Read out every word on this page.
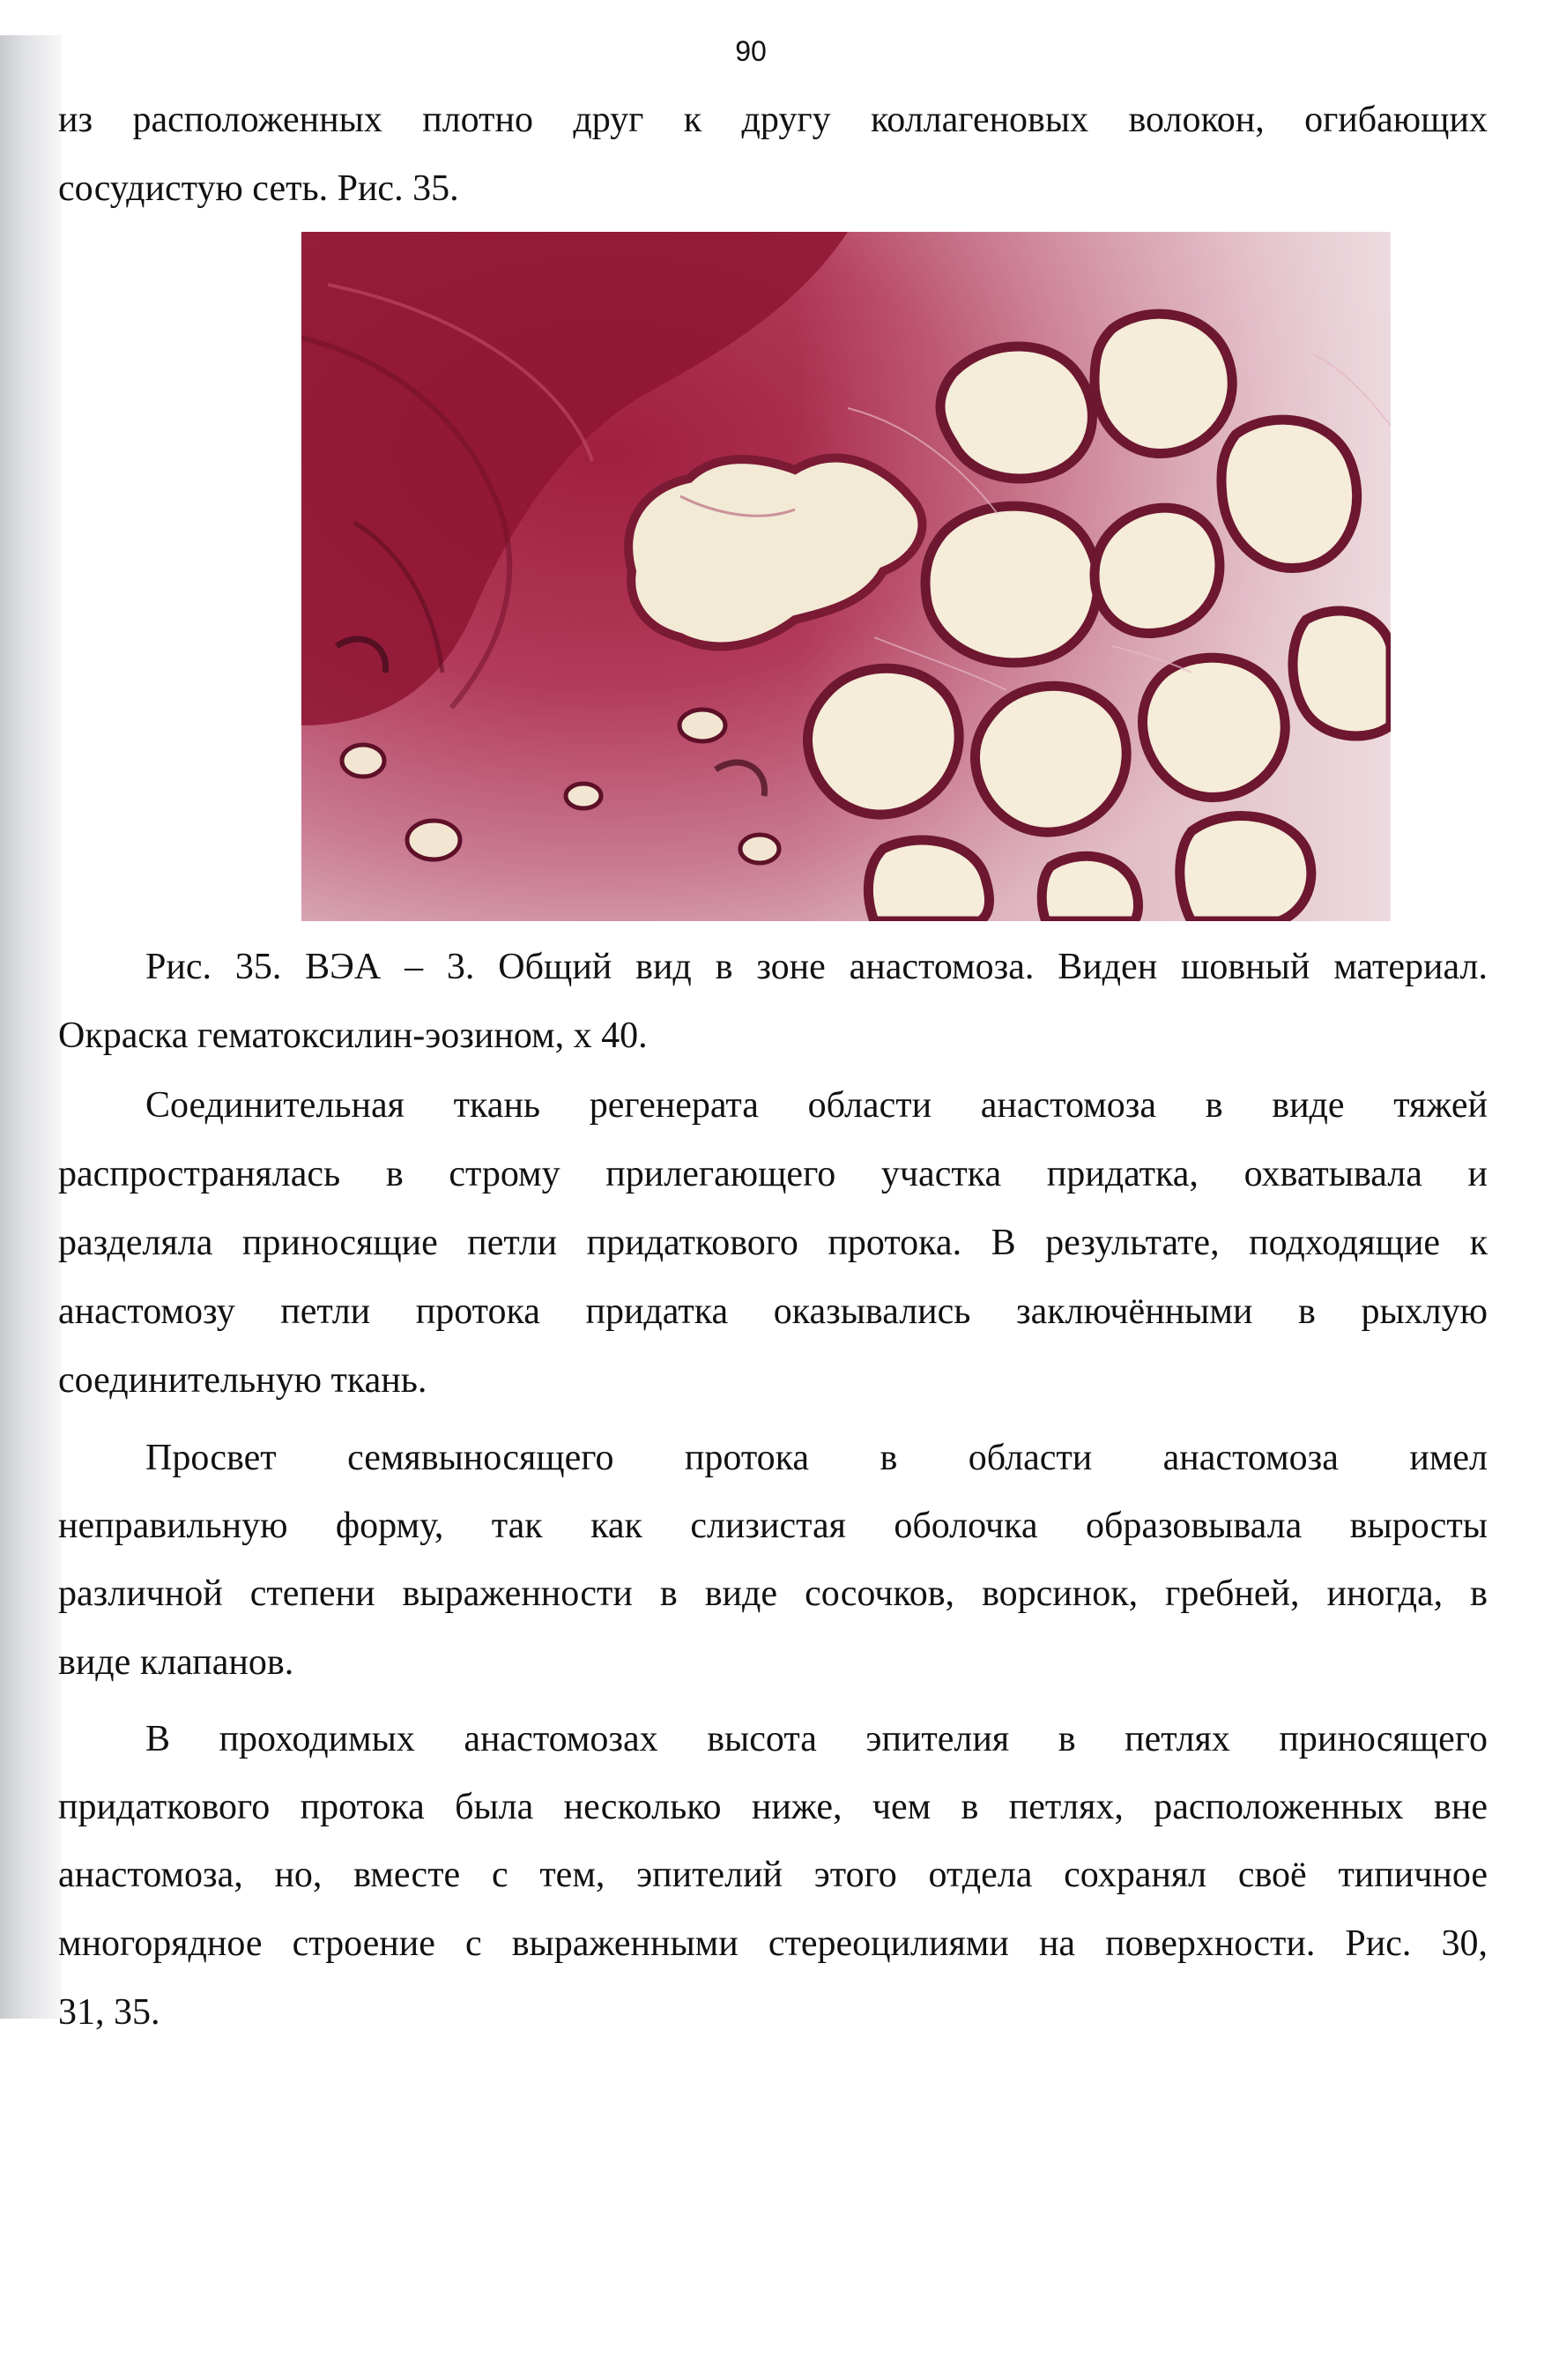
90
из расположенных плотно друг к другу коллагеновых волокон, огибающих
сосудистую сеть. Рис. 35.
Рис. 35. ВЭА – 3. Общий вид в зоне анастомоза. Виден шовный материал.
Окраска гематоксилин-эозином, х 40.
Соединительная ткань регенерата области анастомоза в виде тяжей
распространялась в строму прилегающего участка придатка, охватывала и
разделяла приносящие петли придаткового протока. В результате, подходящие к
анастомозу петли протока придатка оказывались заключёнными в рыхлую
соединительную ткань.
Просвет семявыносящего протока в области анастомоза имел
неправильную форму, так как слизистая оболочка образовывала выросты
различной степени выраженности в виде сосочков, ворсинок, гребней, иногда, в
виде клапанов.
В проходимых анастомозах высота эпителия в петлях приносящего
придаткового протока была несколько ниже, чем в петлях, расположенных вне
анастомоза, но, вместе с тем, эпителий этого отдела сохранял своё типичное
многорядное строение с выраженными стереоцилиями на поверхности. Рис. 30,
31, 35.
